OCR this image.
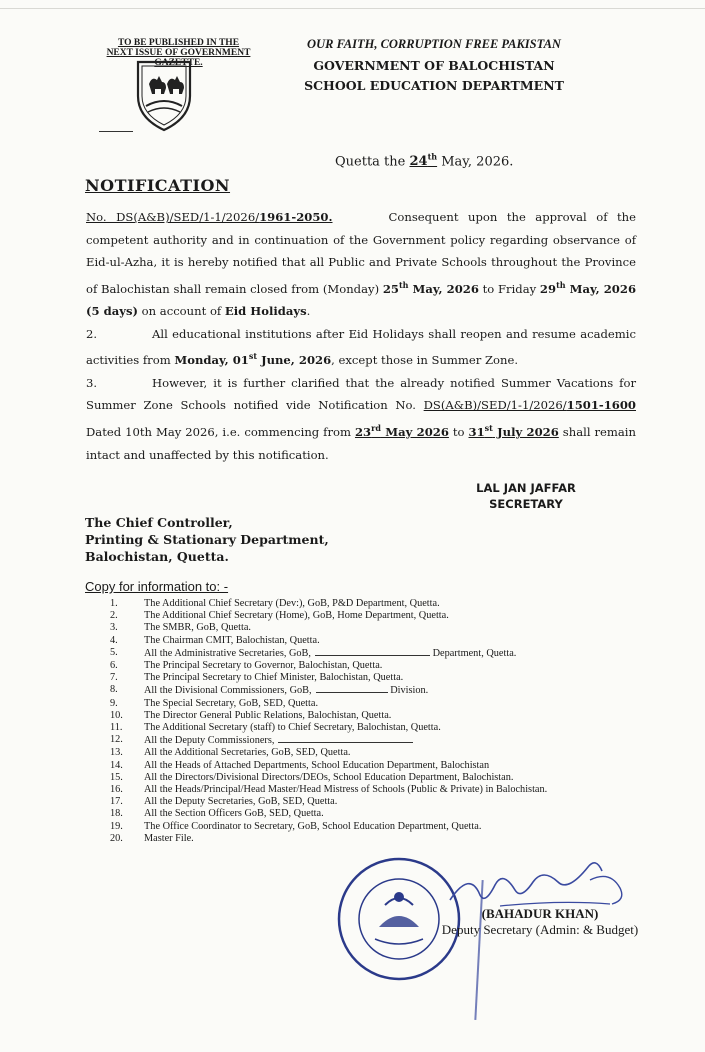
TO BE PUBLISHED IN THE NEXT ISSUE OF GOVERNMENT GAZETTE.
OUR FAITH, CORRUPTION FREE PAKISTAN
GOVERNMENT OF BALOCHISTAN
SCHOOL EDUCATION DEPARTMENT
Quetta the 24th May, 2026.
NOTIFICATION

No. DS(A&B)/SED/1-1/2026/1961-2050.	Consequent upon the approval of the competent authority and in continuation of the Government policy regarding observance of Eid-ul-Azha, it is hereby notified that all Public and Private Schools throughout the Province of Balochistan shall remain closed from (Monday) 25th May, 2026 to Friday 29th May, 2026 (5 days) on account of Eid Holidays.

2.	All educational institutions after Eid Holidays shall reopen and resume academic activities from Monday, 01st June, 2026, except those in Summer Zone.

3.	However, it is further clarified that the already notified Summer Vacations for Summer Zone Schools notified vide Notification No. DS(A&B)/SED/1-1/2026/1501-1600 Dated 10th May 2026, i.e. commencing from 23rd May 2026 to 31st July 2026 shall remain intact and unaffected by this notification.

LAL JAN JAFFAR
SECRETARY
The Chief Controller,
Printing & Stationary Department,
Balochistan, Quetta.
Copy for information to: -
1.	The Additional Chief Secretary (Dev:), GoB, P&D Department, Quetta.
2.	The Additional Chief Secretary (Home), GoB, Home Department, Quetta.
3.	The SMBR, GoB, Quetta.
4.	The Chairman CMIT, Balochistan, Quetta.
5.	All the Administrative Secretaries, GoB,	Department, Quetta.
6.	The Principal Secretary to Governor, Balochistan, Quetta.
7.	The Principal Secretary to Chief Minister, Balochistan, Quetta.
8.	All the Divisional Commissioners, GoB,	Division.
9.	The Special Secretary, GoB, SED, Quetta.
10.	The Director General Public Relations, Balochistan, Quetta.
11.	The Additional Secretary (staff) to Chief Secretary, Balochistan, Quetta.
12.	All the Deputy Commissioners,
13.	All the Additional Secretaries, GoB, SED, Quetta.
14.	All the Heads of Attached Departments, School Education Department, Balochistan
15.	All the Directors/Divisional Directors/DEOs, School Education Department, Balochistan.
16.	All the Heads/Principal/Head Master/Head Mistress of Schools (Public & Private) in Balochistan.
17.	All the Deputy Secretaries, GoB, SED, Quetta.
18.	All the Section Officers GoB, SED, Quetta.
19.	The Office Coordinator to Secretary, GoB, School Education Department, Quetta.
20.	Master File.
(BAHADUR KHAN)
Deputy Secretary (Admin: & Budget)
